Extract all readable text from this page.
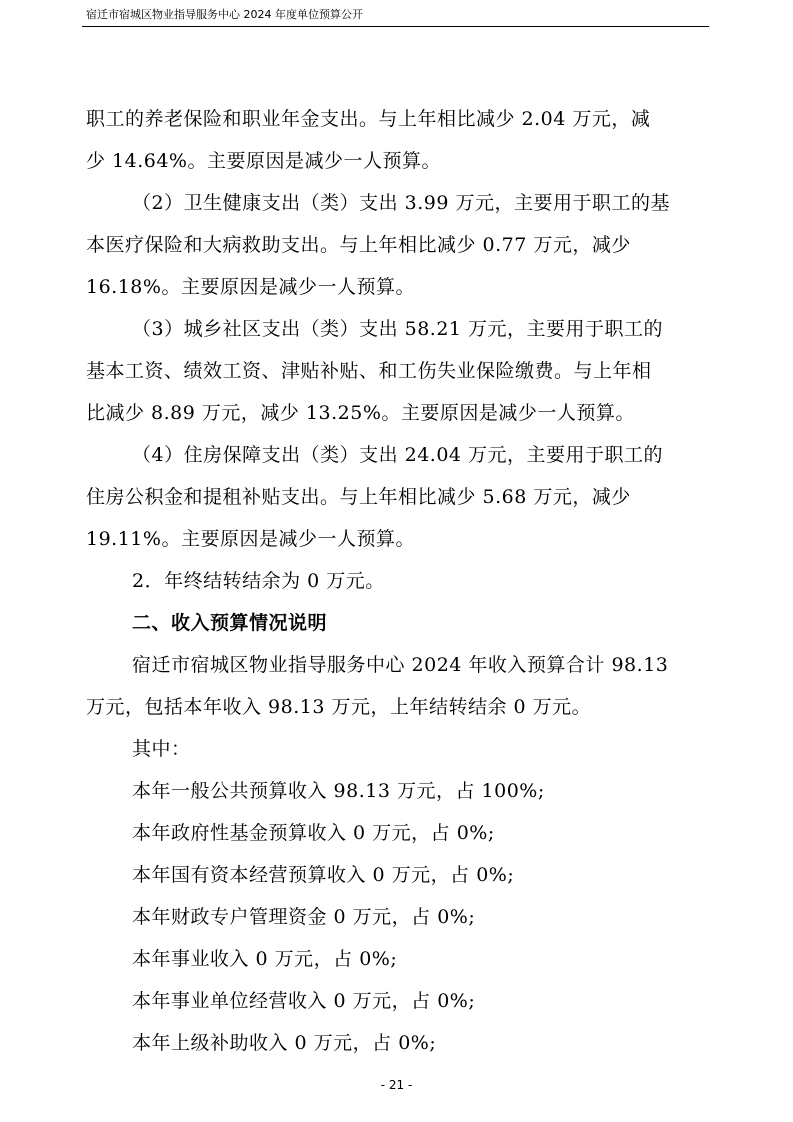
宿迁市宿城区物业指导服务中心 2024 年度单位预算公开
职工的养老保险和职业年金支出。与上年相比减少 2.04 万元，减
少 14.64%。主要原因是减少一人预算。
（2）卫生健康支出（类）支出 3.99 万元，主要用于职工的基
本医疗保险和大病救助支出。与上年相比减少 0.77 万元，减少
16.18%。主要原因是减少一人预算。
（3）城乡社区支出（类）支出 58.21 万元，主要用于职工的
基本工资、绩效工资、津贴补贴、和工伤失业保险缴费。与上年相
比减少 8.89 万元，减少 13.25%。主要原因是减少一人预算。
（4）住房保障支出（类）支出 24.04 万元，主要用于职工的
住房公积金和提租补贴支出。与上年相比减少 5.68 万元，减少
19.11%。主要原因是减少一人预算。
2．年终结转结余为 0 万元。
二、收入预算情况说明
宿迁市宿城区物业指导服务中心 2024 年收入预算合计 98.13
万元，包括本年收入 98.13 万元，上年结转结余 0 万元。
其中：
本年一般公共预算收入 98.13 万元，占 100%;
本年政府性基金预算收入 0 万元，占 0%;
本年国有资本经营预算收入 0 万元，占 0%;
本年财政专户管理资金 0 万元，占 0%;
本年事业收入 0 万元，占 0%;
本年事业单位经营收入 0 万元，占 0%;
本年上级补助收入 0 万元，占 0%;
- 21 -
